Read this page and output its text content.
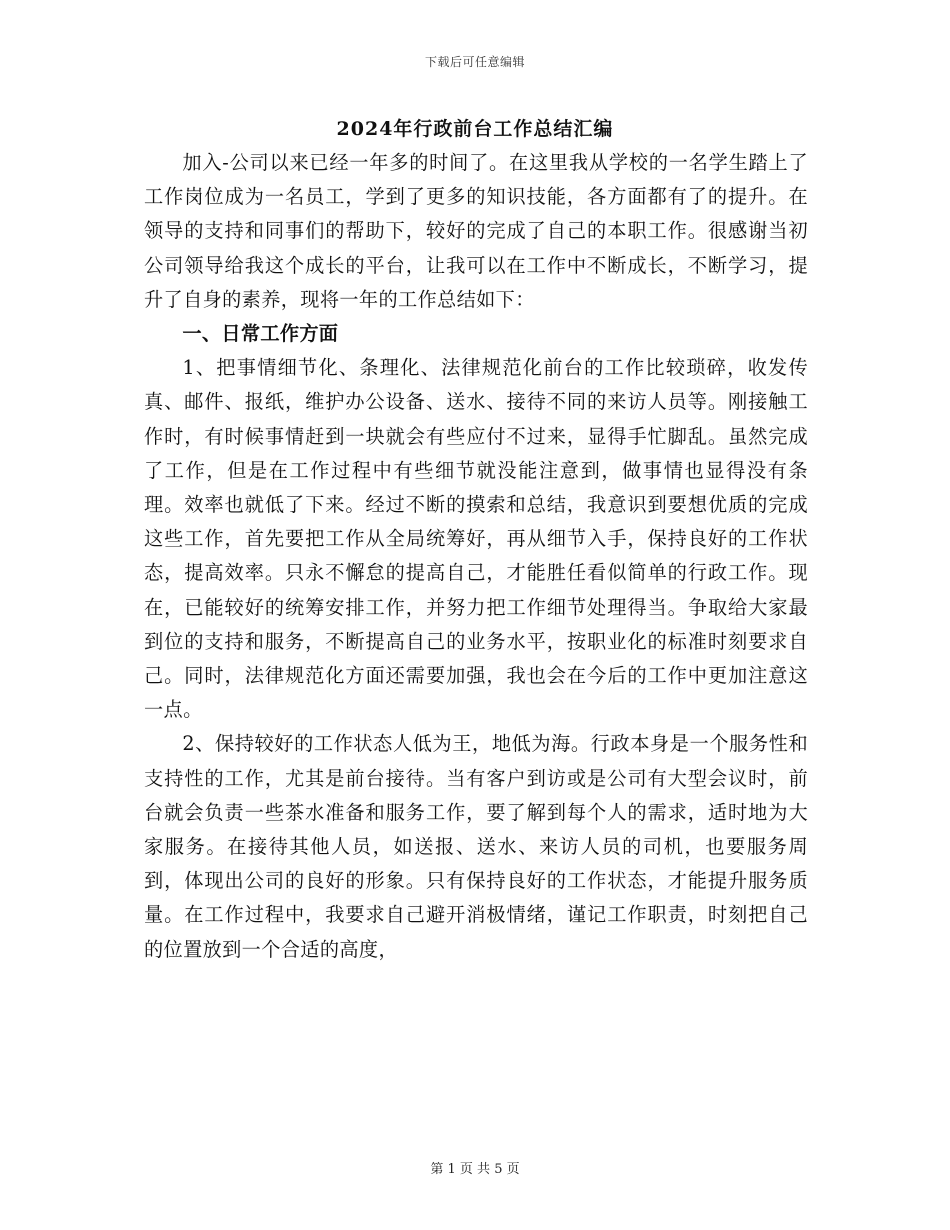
下载后可任意编辑
2024年行政前台工作总结汇编

加入-公司以来已经一年多的时间了。在这里我从学校的一名学生踏上了工作岗位成为一名员工，学到了更多的知识技能，各方面都有了的提升。在领导的支持和同事们的帮助下，较好的完成了自己的本职工作。很感谢当初公司领导给我这个成长的平台，让我可以在工作中不断成长，不断学习，提升了自身的素养，现将一年的工作总结如下：

一、日常工作方面

1、把事情细节化、条理化、法律规范化前台的工作比较琐碎，收发传真、邮件、报纸，维护办公设备、送水、接待不同的来访人员等。刚接触工作时，有时候事情赶到一块就会有些应付不过来，显得手忙脚乱。虽然完成了工作，但是在工作过程中有些细节就没能注意到，做事情也显得没有条理。效率也就低了下来。经过不断的摸索和总结，我意识到要想优质的完成这些工作，首先要把工作从全局统筹好，再从细节入手，保持良好的工作状态，提高效率。只永不懈怠的提高自己，才能胜任看似简单的行政工作。现在，已能较好的统筹安排工作，并努力把工作细节处理得当。争取给大家最到位的支持和服务，不断提高自己的业务水平，按职业化的标准时刻要求自己。同时，法律规范化方面还需要加强，我也会在今后的工作中更加注意这一点。

2、保持较好的工作状态人低为王，地低为海。行政本身是一个服务性和支持性的工作，尤其是前台接待。当有客户到访或是公司有大型会议时，前台就会负责一些茶水准备和服务工作，要了解到每个人的需求，适时地为大家服务。在接待其他人员，如送报、送水、来访人员的司机，也要服务周到，体现出公司的良好的形象。只有保持良好的工作状态，才能提升服务质量。在工作过程中，我要求自己避开消极情绪，谨记工作职责，时刻把自己的位置放到一个合适的高度，

第 1 页 共 5 页
